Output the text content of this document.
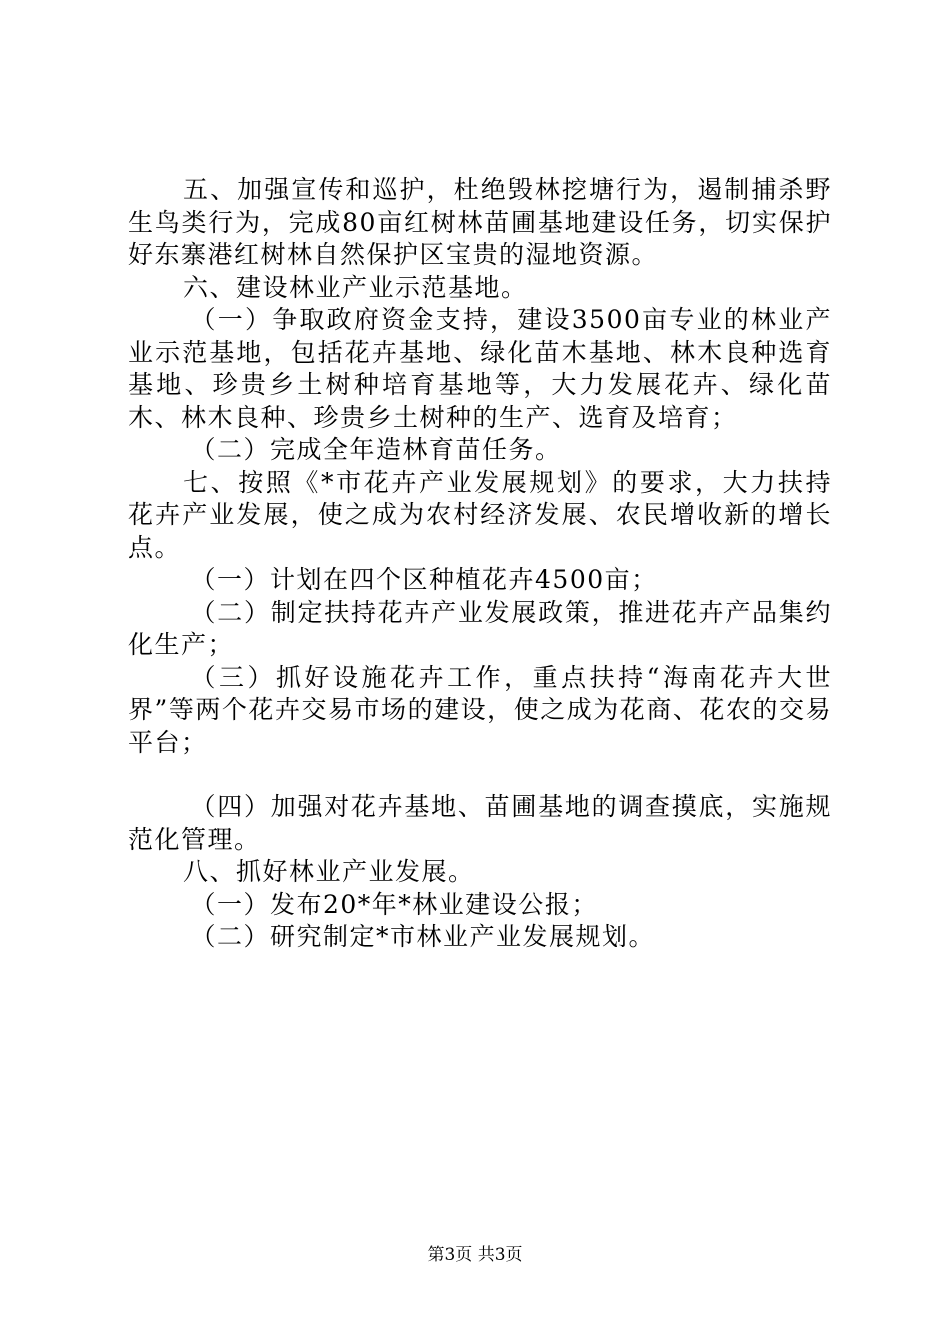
五、加强宣传和巡护，杜绝毁林挖塘行为，遏制捕杀野生鸟类行为，完成80亩红树林苗圃基地建设任务，切实保护好东寨港红树林自然保护区宝贵的湿地资源。

六、建设林业产业示范基地。

（一）争取政府资金支持，建设3500亩专业的林业产业示范基地，包括花卉基地、绿化苗木基地、林木良种选育基地、珍贵乡土树种培育基地等，大力发展花卉、绿化苗木、林木良种、珍贵乡土树种的生产、选育及培育；

（二）完成全年造林育苗任务。

七、按照《*市花卉产业发展规划》的要求，大力扶持花卉产业发展，使之成为农村经济发展、农民增收新的增长点。

（一）计划在四个区种植花卉4500亩；

（二）制定扶持花卉产业发展政策，推进花卉产品集约化生产；

（三）抓好设施花卉工作，重点扶持“海南花卉大世界”等两个花卉交易市场的建设，使之成为花商、花农的交易平台；

（四）加强对花卉基地、苗圃基地的调查摸底，实施规范化管理。

八、抓好林业产业发展。

（一）发布20*年*林业建设公报；

（二）研究制定*市林业产业发展规划。

第3页 共3页
